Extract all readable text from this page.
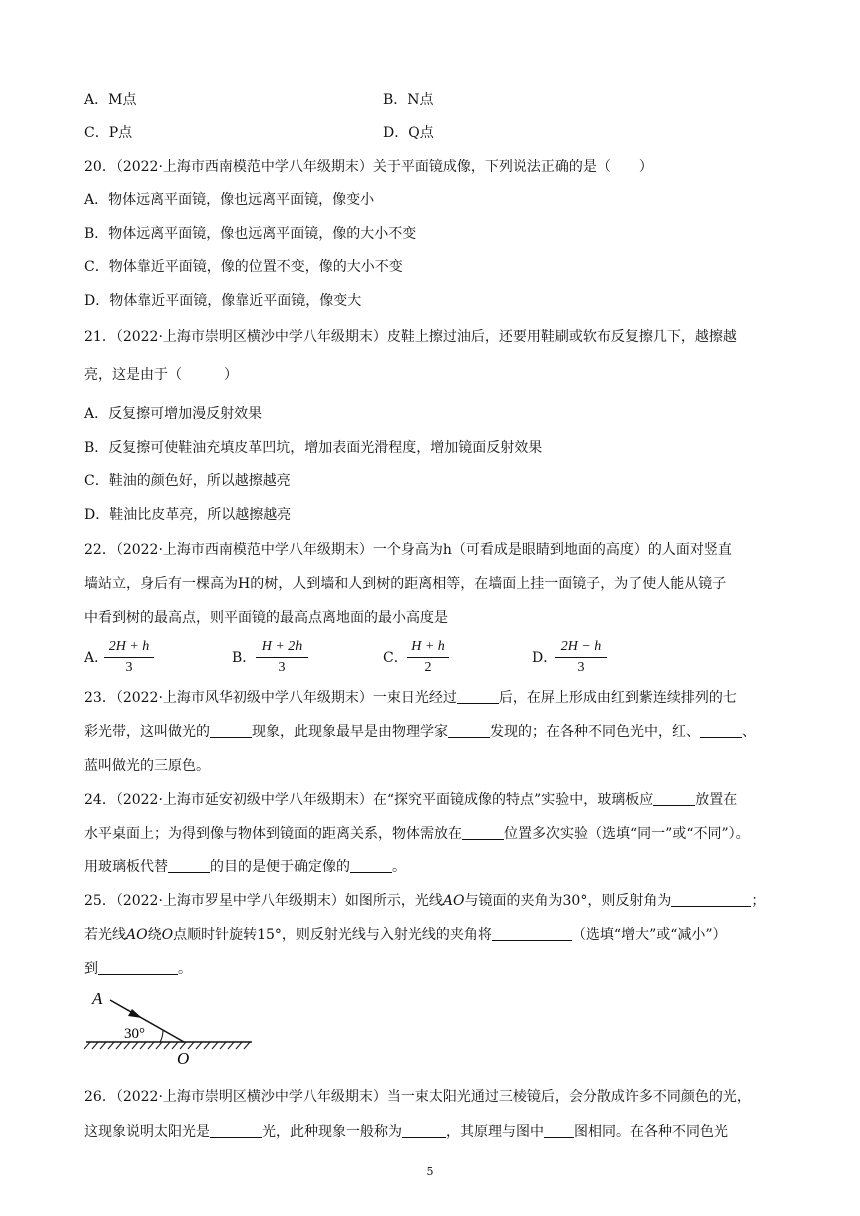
A．M点	B．N点
C．P点	D．Q点
20．（2022·上海市西南模范中学八年级期末）关于平面镜成像，下列说法正确的是（　　）
A．物体远离平面镜，像也远离平面镜，像变小
B．物体远离平面镜，像也远离平面镜，像的大小不变
C．物体靠近平面镜，像的位置不变，像的大小不变
D．物体靠近平面镜，像靠近平面镜，像变大
21．（2022·上海市崇明区横沙中学八年级期末）皮鞋上擦过油后，还要用鞋刷或软布反复擦几下，越擦越
亮，这是由于（　　　）
A．反复擦可增加漫反射效果
B．反复擦可使鞋油充填皮革凹坑，增加表面光滑程度，增加镜面反射效果
C．鞋油的颜色好，所以越擦越亮
D．鞋油比皮革亮，所以越擦越亮
22．（2022·上海市西南模范中学八年级期末）一个身高为h（可看成是眼睛到地面的高度）的人面对竖直
墙站立，身后有一棵高为H的树，人到墙和人到树的距离相等，在墙面上挂一面镜子，为了使人能从镜子
中看到树的最高点，则平面镜的最高点离地面的最小高度是
A．
2H + h
3
B．
H + 2h
3
C．
H + h
2
D．
2H − h
3
23．（2022·上海市风华初级中学八年级期末）一束日光经过	后，在屏上形成由红到紫连续排列的七
彩光带，这叫做光的	现象，此现象最早是由物理学家	发现的；在各种不同色光中，红、	、
蓝叫做光的三原色。
24．（2022·上海市延安初级中学八年级期末）在“探究平面镜成像的特点”实验中，玻璃板应	放置在
水平桌面上；为得到像与物体到镜面的距离关系，物体需放在	位置多次实验（选填“同一”或“不同”）。
用玻璃板代替	的目的是便于确定像的	。
25．（2022·上海市罗星中学八年级期末）如图所示，光线AO与镜面的夹角为30°，则反射角为	；
若光线AO绕O点顺时针旋转15°，则反射光线与入射光线的夹角将	（选填“增大”或“减小”）
到	。
A
30°
O
26．（2022·上海市崇明区横沙中学八年级期末）当一束太阳光通过三棱镜后，会分散成许多不同颜色的光，
这现象说明太阳光是	光，此种现象一般称为	，其原理与图中 图相同。在各种不同色光
5
